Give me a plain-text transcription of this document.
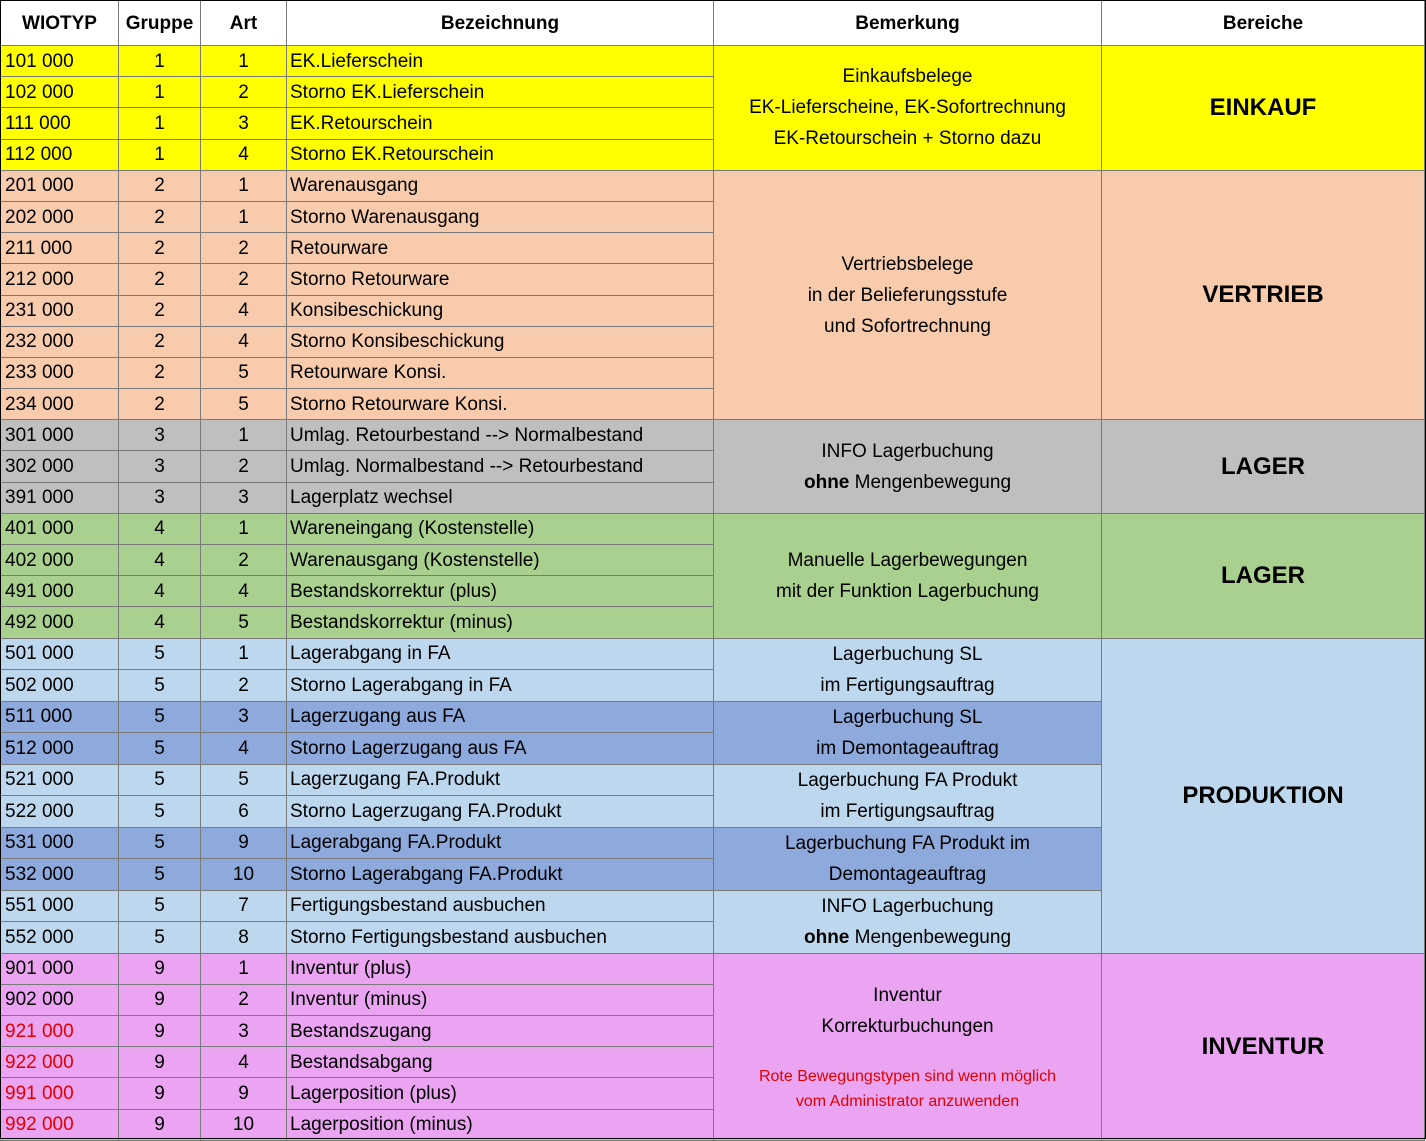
WIOTYP	Gruppe	Art	Bezeichnung	Bemerkung	Bereiche
101 000	1	1	EK.Lieferschein	Einkaufsbelege
EK-Lieferscheine, EK-Sofortrechnung
EK-Retourschein + Storno dazu	EINKAUF
102 000	1	2	Storno EK.Lieferschein		
111 000	1	3	EK.Retourschein		
112 000	1	4	Storno EK.Retourschein		
201 000	2	1	Warenausgang	Vertriebsbelege
in der Belieferungsstufe
und Sofortrechnung	VERTRIEB
202 000	2	1	Storno Warenausgang		
211 000	2	2	Retourware		
212 000	2	2	Storno Retourware		
231 000	2	4	Konsibeschickung		
232 000	2	4	Storno Konsibeschickung		
233 000	2	5	Retourware Konsi.		
234 000	2	5	Storno Retourware Konsi.		
301 000	3	1	Umlag. Retourbestand --> Normalbestand	INFO Lagerbuchung
ohne Mengenbewegung	LAGER
302 000	3	2	Umlag. Normalbestand --> Retourbestand		
391 000	3	3	Lagerplatz wechsel		
401 000	4	1	Wareneingang (Kostenstelle)	Manuelle Lagerbewegungen
mit der Funktion Lagerbuchung	LAGER
402 000	4	2	Warenausgang (Kostenstelle)		
491 000	4	4	Bestandskorrektur (plus)		
492 000	4	5	Bestandskorrektur (minus)		
501 000	5	1	Lagerabgang in FA	Lagerbuchung SL
im Fertigungsauftrag	PRODUKTION
502 000	5	2	Storno Lagerabgang in FA		
511 000	5	3	Lagerzugang aus FA	Lagerbuchung SL
im Demontageauftrag	
512 000	5	4	Storno Lagerzugang aus FA		
521 000	5	5	Lagerzugang FA.Produkt	Lagerbuchung FA Produkt
im Fertigungsauftrag	
522 000	5	6	Storno Lagerzugang FA.Produkt		
531 000	5	9	Lagerabgang FA.Produkt	Lagerbuchung FA Produkt im
Demontageauftrag	
532 000	5	10	Storno Lagerabgang FA.Produkt		
551 000	5	7	Fertigungsbestand ausbuchen	INFO Lagerbuchung
ohne Mengenbewegung	
552 000	5	8	Storno Fertigungsbestand ausbuchen		
901 000	9	1	Inventur (plus)	Inventur
Korrekturbuchungen
Rote Bewegungstypen sind wenn möglich
vom Administrator anzuwenden	INVENTUR
902 000	9	2	Inventur (minus)		
921 000	9	3	Bestandszugang		
922 000	9	4	Bestandsabgang		
991 000	9	9	Lagerposition (plus)		
992 000	9	10	Lagerposition (minus)		
